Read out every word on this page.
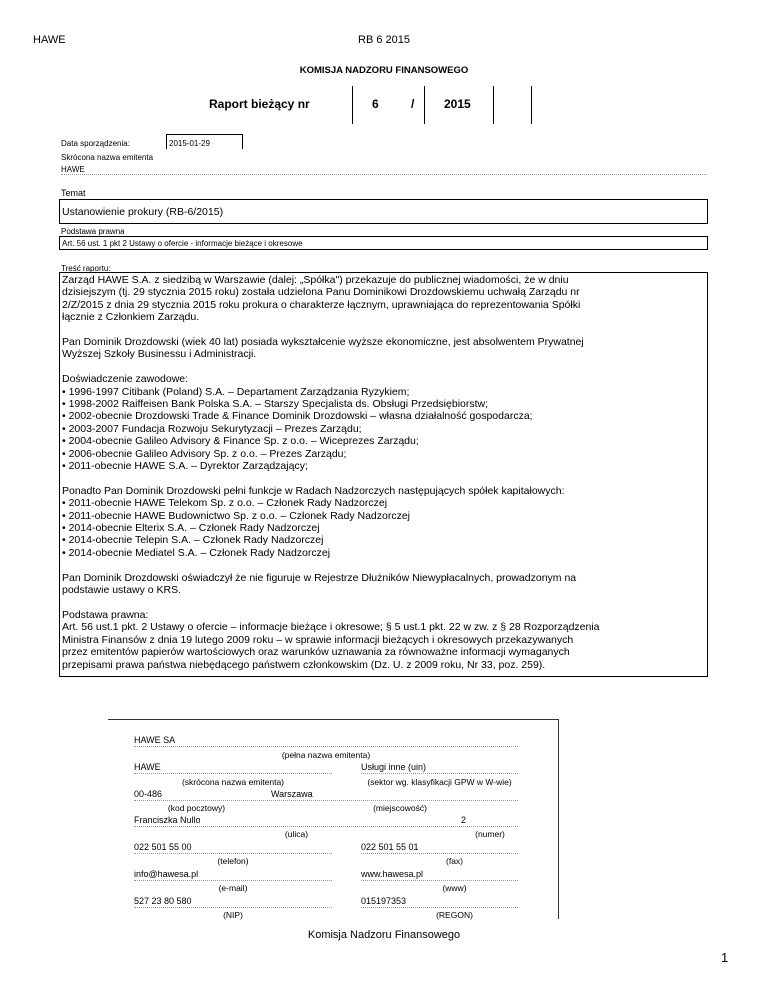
HAWE	RB 6 2015
KOMISJA NADZORU FINANSOWEGO
Raport bieżący nr	6	/ 2015
Data sporządzenia:	2015-01-29
Skrócona nazwa emitenta
HAWE
Temat
Ustanowienie prokury (RB-6/2015)
Podstawa prawna
Art. 56 ust. 1 pkt 2 Ustawy o ofercie - informacje bieżące i okresowe
Treść raportu:

Zarząd HAWE S.A. z siedzibą w Warszawie (dalej: „Spółka") przekazuje do publicznej wiadomości, że w dniu
dzisiejszym (tj. 29 stycznia 2015 roku) została udzielona Panu Dominikowi Drozdowskiemu uchwałą Zarządu nr
2/Z/2015 z dnia 29 stycznia 2015 roku prokura o charakterze łącznym, uprawniająca do reprezentowania Spółki
łącznie z Członkiem Zarządu.

Pan Dominik Drozdowski (wiek 40 lat) posiada wykształcenie wyższe ekonomiczne, jest absolwentem Prywatnej
Wyższej Szkoły Businessu i Administracji.

Doświadczenie zawodowe:
• 1996-1997 Citibank (Poland) S.A. – Departament Zarządzania Ryzykiem;
• 1998-2002 Raiffeisen Bank Polska S.A. – Starszy Specjalista ds. Obsługi Przedsiębiorstw;
• 2002-obecnie Drozdowski Trade & Finance Dominik Drozdowski – własna działalność gospodarcza;
• 2003-2007 Fundacja Rozwoju Sekurytyzacji – Prezes Zarządu;
• 2004-obecnie Galileo Advisory & Finance Sp. z o.o. – Wiceprezes Zarządu;
• 2006-obecnie Galileo Advisory Sp. z o.o. – Prezes Zarządu;
• 2011-obecnie HAWE S.A. – Dyrektor Zarządzający;

Ponadto Pan Dominik Drozdowski pełni funkcje w Radach Nadzorczych następujących spółek kapitałowych:
• 2011-obecnie HAWE Telekom Sp. z o.o. – Członek Rady Nadzorczej
• 2011-obecnie HAWE Budownictwo Sp. z o.o. – Członek Rady Nadzorczej
• 2014-obecnie Elterix S.A. – Członek Rady Nadzorczej
• 2014-obecnie Telepin S.A. – Członek Rady Nadzorczej
• 2014-obecnie Mediatel S.A. – Członek Rady Nadzorczej

Pan Dominik Drozdowski oświadczył że nie figuruje w Rejestrze Dłużników Niewypłacalnych, prowadzonym na
podstawie ustawy o KRS.

Podstawa prawna:
Art. 56 ust.1 pkt. 2 Ustawy o ofercie – informacje bieżące i okresowe; § 5 ust.1 pkt. 22 w zw. z § 28 Rozporządzenia
Ministra Finansów z dnia 19 lutego 2009 roku – w sprawie informacji bieżących i okresowych przekazywanych
przez emitentów papierów wartościowych oraz warunków uznawania za równoważne informacji wymaganych
przepisami prawa państwa niebędącego państwem członkowskim (Dz. U. z 2009 roku, Nr 33, poz. 259).

HAWE SA
(pełna nazwa emitenta)
HAWE
(skrócona nazwa emitenta)
Usługi inne (uin)
(sektor wg. klasyfikacji GPW w W-wie)
00-486	Warszawa
(kod pocztowy)	(miejscowość)
Franciszka Nullo	2
(ulica)	(numer)
022 501 55 00
(telefon)
022 501 55 01
(fax)
info@hawesa.pl
(e-mail)
www.hawesa.pl
(www)
527 23 80 580
(NIP)
015197353
(REGON)
Komisja Nadzoru Finansowego
1
